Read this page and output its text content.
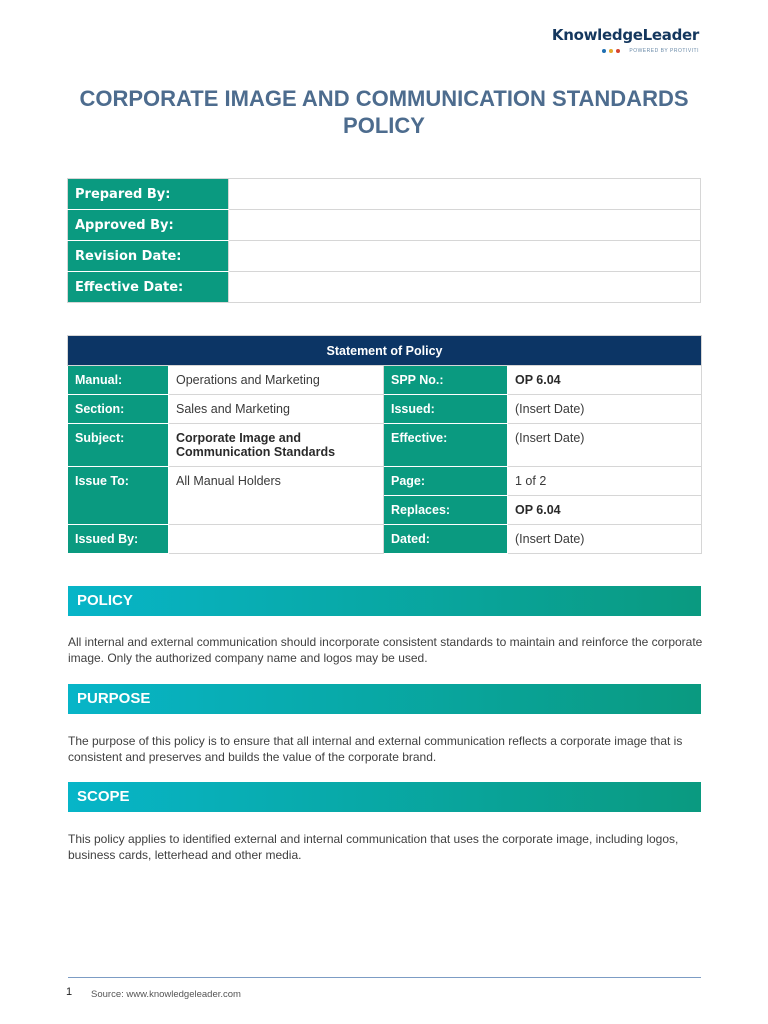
KnowledgeLeader
POWERED BY PROTIVITI
CORPORATE IMAGE AND COMMUNICATION STANDARDS POLICY
Prepared By:	
Approved By:	
Revision Date:	
Effective Date:	
Statement of Policy			
Manual:	Operations and Marketing	SPP No.:	OP 6.04
Section:	Sales and Marketing	Issued:	(Insert Date)
Subject:	Corporate Image and Communication Standards	Effective:	(Insert Date)
Issue To:	All Manual Holders	Page:	1 of 2
		Replaces:	OP 6.04
Issued By:		Dated:	(Insert Date)
POLICY

All internal and external communication should incorporate consistent standards to maintain and reinforce the corporate image. Only the authorized company name and logos may be used.

PURPOSE

The purpose of this policy is to ensure that all internal and external communication reflects a corporate image that is consistent and preserves and builds the value of the corporate brand.

SCOPE

This policy applies to identified external and internal communication that uses the corporate image, including logos, business cards, letterhead and other media.

1 Source: www.knowledgeleader.com
